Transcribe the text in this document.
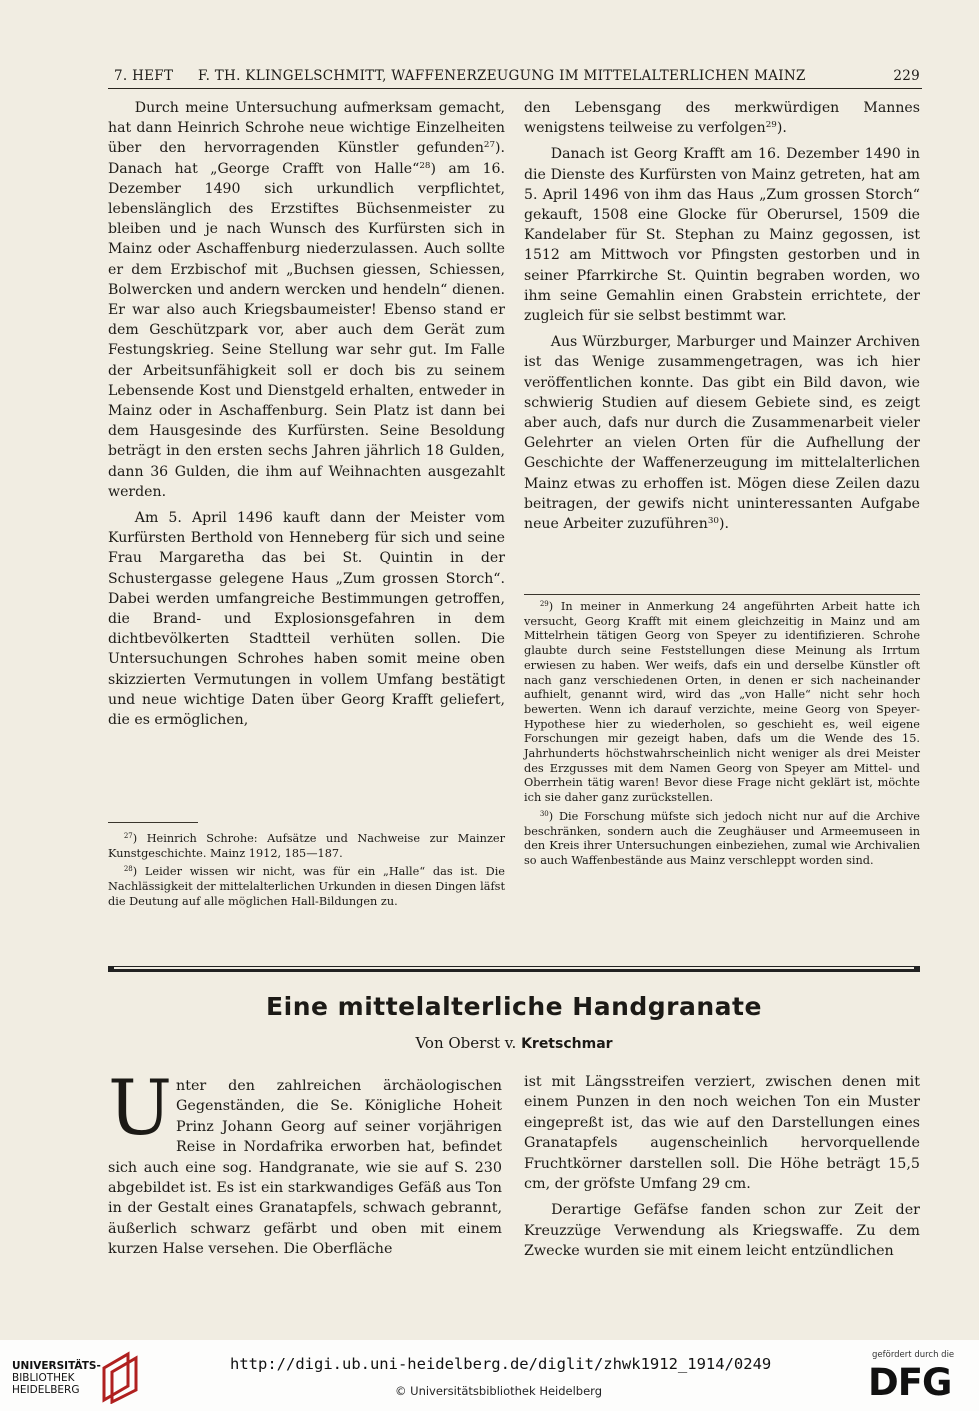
7. HEFT F. TH. KLINGELSCHMITT, WAFFENERZEUGUNG IM MITTELALTERLICHEN MAINZ	229

Durch meine Untersuchung aufmerksam gemacht, hat dann Heinrich Schrohe neue wichtige Einzelheiten über den hervorragenden Künstler gefunden$^{27}$). Danach hat „George Crafft von Halle“$^{28}$) am 16. Dezember 1490 sich urkundlich verpflichtet, lebenslänglich des Erzstiftes Büchsenmeister zu bleiben und je nach Wunsch des Kurfürsten sich in Mainz oder Aschaffenburg niederzulassen. Auch sollte er dem Erzbischof mit „Buchsen giessen, Schiessen, Bolwercken und andern wercken und hendeln“ dienen. Er war also auch Kriegsbaumeister! Ebenso stand er dem Geschützpark vor, aber auch dem Gerät zum Festungskrieg. Seine Stellung war sehr gut. Im Falle der Arbeitsunfähigkeit soll er doch bis zu seinem Lebensende Kost und Dienstgeld erhalten, entweder in Mainz oder in Aschaffenburg. Sein Platz ist dann bei dem Hausgesinde des Kurfürsten. Seine Besoldung beträgt in den ersten sechs Jahren jährlich 18 Gulden, dann 36 Gulden, die ihm auf Weihnachten ausgezahlt werden.

Am 5. April 1496 kauft dann der Meister vom Kurfürsten Berthold von Henneberg für sich und seine Frau Margaretha das bei St. Quintin in der Schustergasse gelegene Haus „Zum grossen Storch“. Dabei werden umfangreiche Bestimmungen getroffen, die Brand- und Explosionsgefahren in dem dichtbevölkerten Stadtteil verhüten sollen. Die Untersuchungen Schrohes haben somit meine oben skizzierten Vermutungen in vollem Umfang bestätigt und neue wichtige Daten über Georg Krafft geliefert, die es ermöglichen,

$^{27}$) Heinrich Schrohe: Aufsätze und Nachweise zur Mainzer Kunstgeschichte. Mainz 1912, 185—187.

$^{28}$) Leider wissen wir nicht, was für ein „Halle“ das ist. Die Nachlässigkeit der mittelalterlichen Urkunden in diesen Dingen läfst die Deutung auf alle möglichen Hall-Bildungen zu.

den Lebensgang des merkwürdigen Mannes wenigstens teilweise zu verfolgen$^{29}$).

Danach ist Georg Krafft am 16. Dezember 1490 in die Dienste des Kurfürsten von Mainz getreten, hat am 5. April 1496 von ihm das Haus „Zum grossen Storch“ gekauft, 1508 eine Glocke für Oberursel, 1509 die Kandelaber für St. Stephan zu Mainz gegossen, ist 1512 am Mittwoch vor Pfingsten gestorben und in seiner Pfarrkirche St. Quintin begraben worden, wo ihm seine Gemahlin einen Grabstein errichtete, der zugleich für sie selbst bestimmt war.

Aus Würzburger, Marburger und Mainzer Archiven ist das Wenige zusammengetragen, was ich hier veröffentlichen konnte. Das gibt ein Bild davon, wie schwierig Studien auf diesem Gebiete sind, es zeigt aber auch, dafs nur durch die Zusammenarbeit vieler Gelehrter an vielen Orten für die Aufhellung der Geschichte der Waffenerzeugung im mittelalterlichen Mainz etwas zu erhoffen ist. Mögen diese Zeilen dazu beitragen, der gewifs nicht uninteressanten Aufgabe neue Arbeiter zuzuführen$^{30}$).

$^{29}$) In meiner in Anmerkung 24 angeführten Arbeit hatte ich versucht, Georg Krafft mit einem gleichzeitig in Mainz und am Mittelrhein tätigen Georg von Speyer zu identifizieren. Schrohe glaubte durch seine Feststellungen diese Meinung als Irrtum erwiesen zu haben. Wer weifs, dafs ein und derselbe Künstler oft nach ganz verschiedenen Orten, in denen er sich nacheinander aufhielt, genannt wird, wird das „von Halle“ nicht sehr hoch bewerten. Wenn ich darauf verzichte, meine Georg von Speyer-Hypothese hier zu wiederholen, so geschieht es, weil eigene Forschungen mir gezeigt haben, dafs um die Wende des 15. Jahrhunderts höchstwahrscheinlich nicht weniger als drei Meister des Erzgusses mit dem Namen Georg von Speyer am Mittel- und Oberrhein tätig waren! Bevor diese Frage nicht geklärt ist, möchte ich sie daher ganz zurückstellen.

$^{30}$) Die Forschung müfste sich jedoch nicht nur auf die Archive beschränken, sondern auch die Zeughäuser und Armeemuseen in den Kreis ihrer Untersuchungen einbeziehen, zumal wie Archivalien so auch Waffenbestände aus Mainz verschleppt worden sind.

Eine mittelalterliche Handgranate
Von Oberst v. Kretschmar

Unter den zahlreichen ärchäologischen Gegenständen, die Se. Königliche Hoheit Prinz Johann Georg auf seiner vorjährigen Reise in Nordafrika erworben hat, befindet sich auch eine sog. Handgranate, wie sie auf S. 230 abgebildet ist. Es ist ein starkwandiges Gefäß aus Ton in der Gestalt eines Granatapfels, schwach gebrannt, äußerlich schwarz gefärbt und oben mit einem kurzen Halse versehen. Die Oberfläche

ist mit Längsstreifen verziert, zwischen denen mit einem Punzen in den noch weichen Ton ein Muster eingepreßt ist, das wie auf den Darstellungen eines Granatapfels augenscheinlich hervorquellende Fruchtkörner darstellen soll. Die Höhe beträgt 15,5 cm, der gröfste Umfang 29 cm.

Derartige Gefäfse fanden schon zur Zeit der Kreuzzüge Verwendung als Kriegswaffe. Zu dem Zwecke wurden sie mit einem leicht entzündlichen

UNIVERSITÄTS-
BIBLIOTHEK
HEIDELBERG
http://digi.ub.uni-heidelberg.de/diglit/zhwk1912_1914/0249
© Universitätsbibliothek Heidelberg
gefördert durch die
DFG
